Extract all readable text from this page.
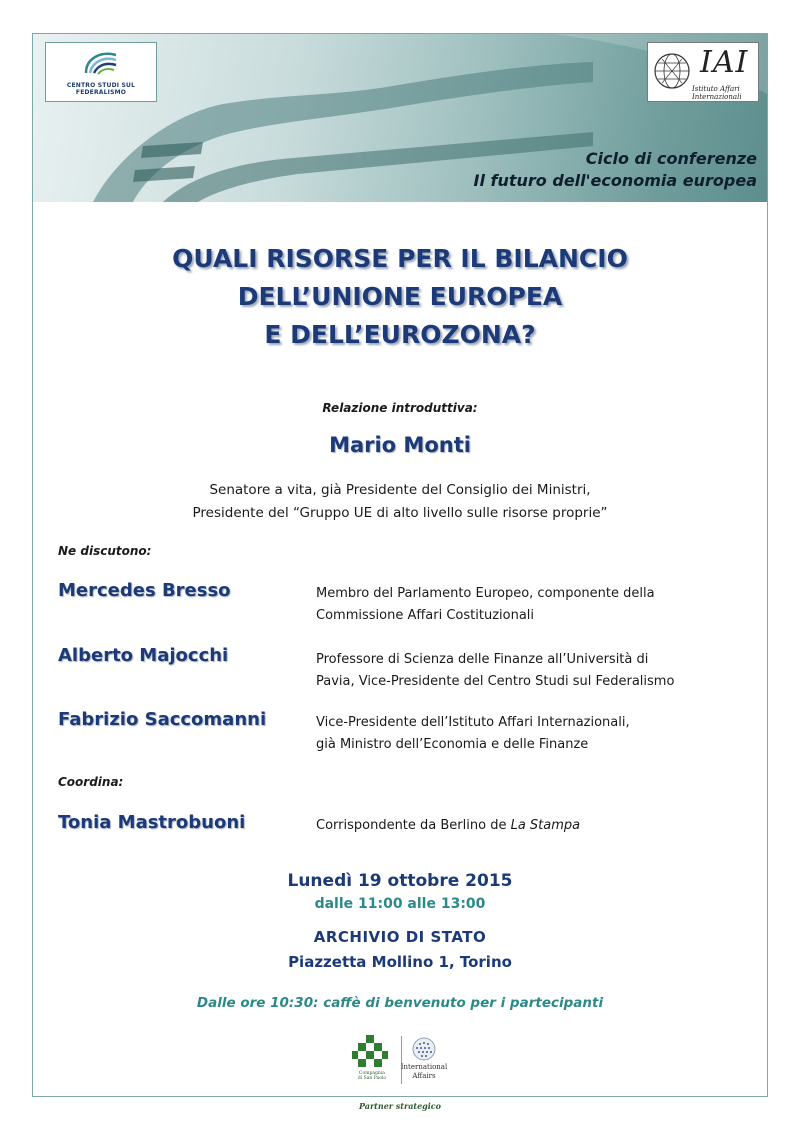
CENTRO STUDI SUL FEDERALISMO
IAI
Istituto Affari Internazionali
Ciclo di conferenze
Il futuro dell'economia europea
QUALI RISORSE PER IL BILANCIO
DELL’UNIONE EUROPEA
E DELL’EUROZONA?
Relazione introduttiva:
Mario Monti
Senatore a vita, già Presidente del Consiglio dei Ministri,
Presidente del “Gruppo UE di alto livello sulle risorse proprie”
Ne discutono:
Mercedes Bresso	Membro del Parlamento Europeo, componente della
Commissione Affari Costituzionali
Alberto Majocchi	Professore di Scienza delle Finanze all’Università di
Pavia, Vice-Presidente del Centro Studi sul Federalismo
Fabrizio Saccomanni	Vice-Presidente dell’Istituto Affari Internazionali,
già Ministro dell’Economia e delle Finanze
Coordina:
Tonia Mastrobuoni	Corrispondente da Berlino de La Stampa
Lunedì 19 ottobre 2015
dalle 11:00 alle 13:00
ARCHIVIO DI STATO
Piazzetta Mollino 1, Torino
Dalle ore 10:30: caffè di benvenuto per i partecipanti
Compagnia
di San Paolo
International
Affairs
Partner strategico
